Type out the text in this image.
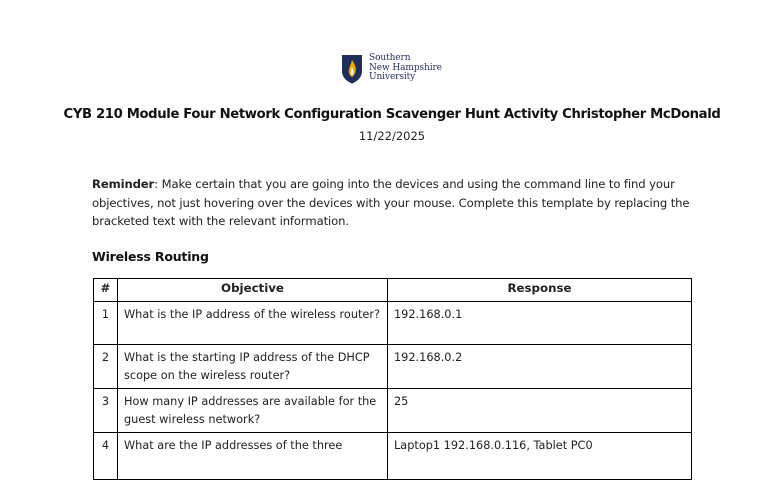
Southern
New Hampshire
University
CYB 210 Module Four Network Configuration Scavenger Hunt Activity Christopher McDonald
11/22/2025
Reminder: Make certain that you are going into the devices and using the command line to find your objectives, not just hovering over the devices with your mouse. Complete this template by replacing the bracketed text with the relevant information.
Wireless Routing
#	Objective	Response
1	What is the IP address of the wireless router?	192.168.0.1
2	What is the starting IP address of the DHCP scope on the wireless router?	192.168.0.2
3	How many IP addresses are available for the guest wireless network?	25
4	What are the IP addresses of the three	Laptop1 192.168.0.116, Tablet PC0
